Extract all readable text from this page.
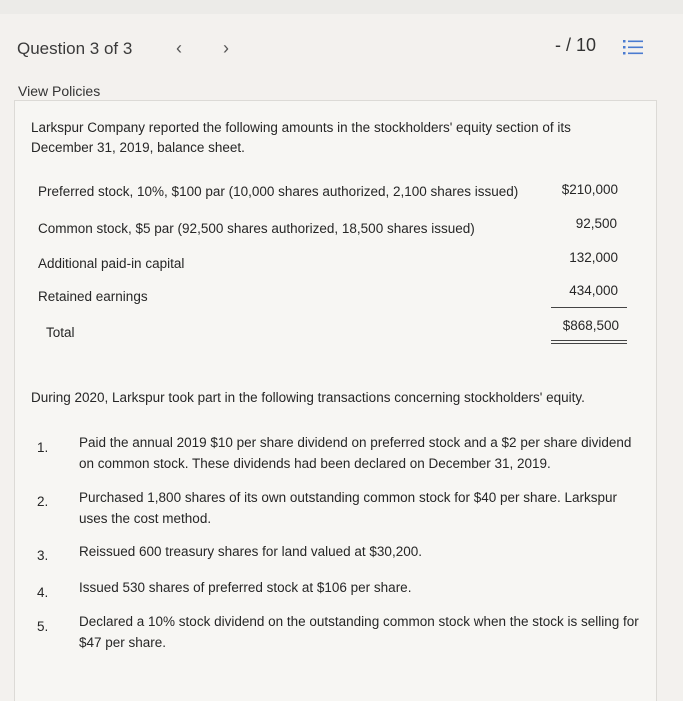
Question 3 of 3 ‹ ›	- / 10
View Policies
Larkspur Company reported the following amounts in the stockholders' equity section of its December 31, 2019, balance sheet.
Preferred stock, 10%, $100 par (10,000 shares authorized, 2,100 shares issued)	$210,000
Common stock, $5 par (92,500 shares authorized, 18,500 shares issued)	92,500
Additional paid-in capital	132,000
Retained earnings	434,000
Total	$868,500
During 2020, Larkspur took part in the following transactions concerning stockholders' equity.
1. Paid the annual 2019 $10 per share dividend on preferred stock and a $2 per share dividend on common stock. These dividends had been declared on December 31, 2019.
2. Purchased 1,800 shares of its own outstanding common stock for $40 per share. Larkspur uses the cost method.
3. Reissued 600 treasury shares for land valued at $30,200.
4. Issued 530 shares of preferred stock at $106 per share.
5. Declared a 10% stock dividend on the outstanding common stock when the stock is selling for $47 per share.
